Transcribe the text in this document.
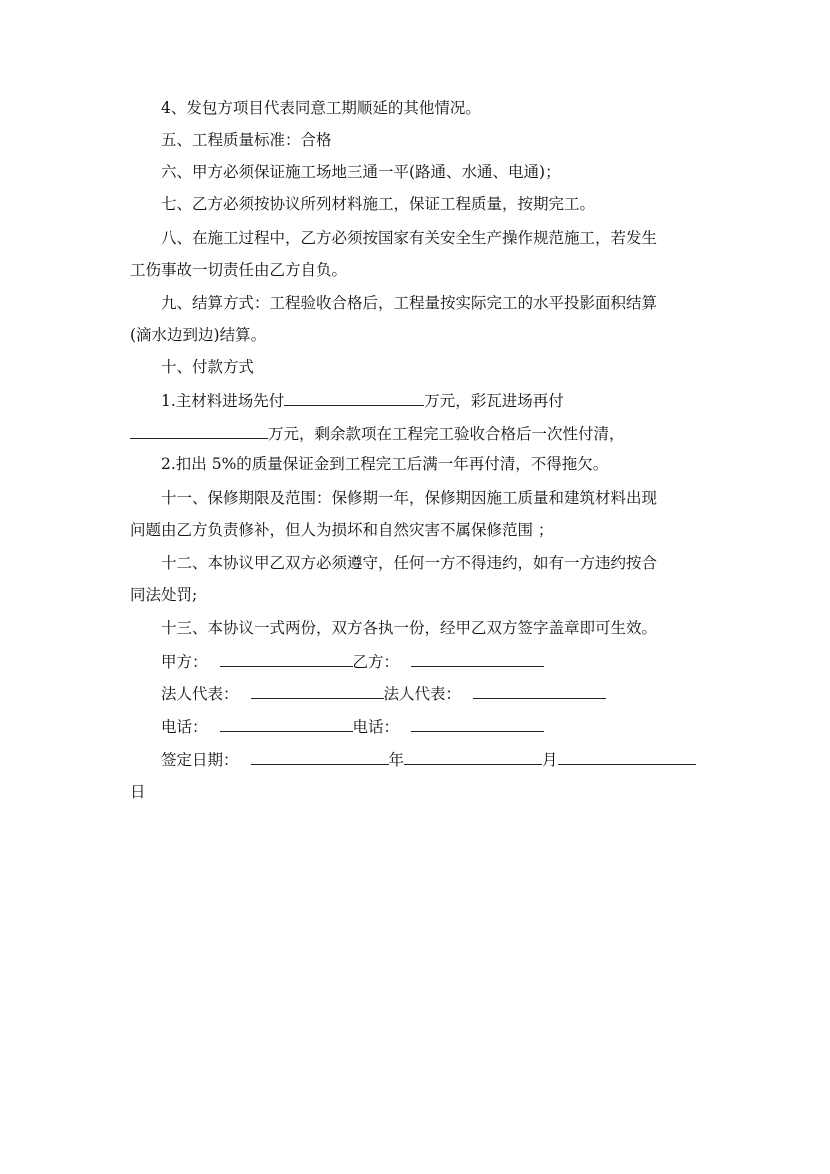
4、发包方项目代表同意工期顺延的其他情况。
五、工程质量标准：合格
六、甲方必须保证施工场地三通一平(路通、水通、电通)；
七、乙方必须按协议所列材料施工，保证工程质量，按期完工。
八、在施工过程中，乙方必须按国家有关安全生产操作规范施工，若发生
工伤事故一切责任由乙方自负。
九、结算方式：工程验收合格后，工程量按实际完工的水平投影面积结算
(滴水边到边)结算。
十、付款方式
1.主材料进场先付	万元，彩瓦进场再付
万元，剩余款项在工程完工验收合格后一次性付清，
2.扣出 5%的质量保证金到工程完工后满一年再付清，不得拖欠。
十一、保修期限及范围：保修期一年，保修期因施工质量和建筑材料出现
问题由乙方负责修补，但人为损坏和自然灾害不属保修范围 ；
十二、本协议甲乙双方必须遵守，任何一方不得违约，如有一方违约按合
同法处罚;
十三、本协议一式两份，双方各执一份，经甲乙双方签字盖章即可生效。
甲方：	乙方：
法人代表：	法人代表：
电话：	电话：
签定日期：	年	月
日
